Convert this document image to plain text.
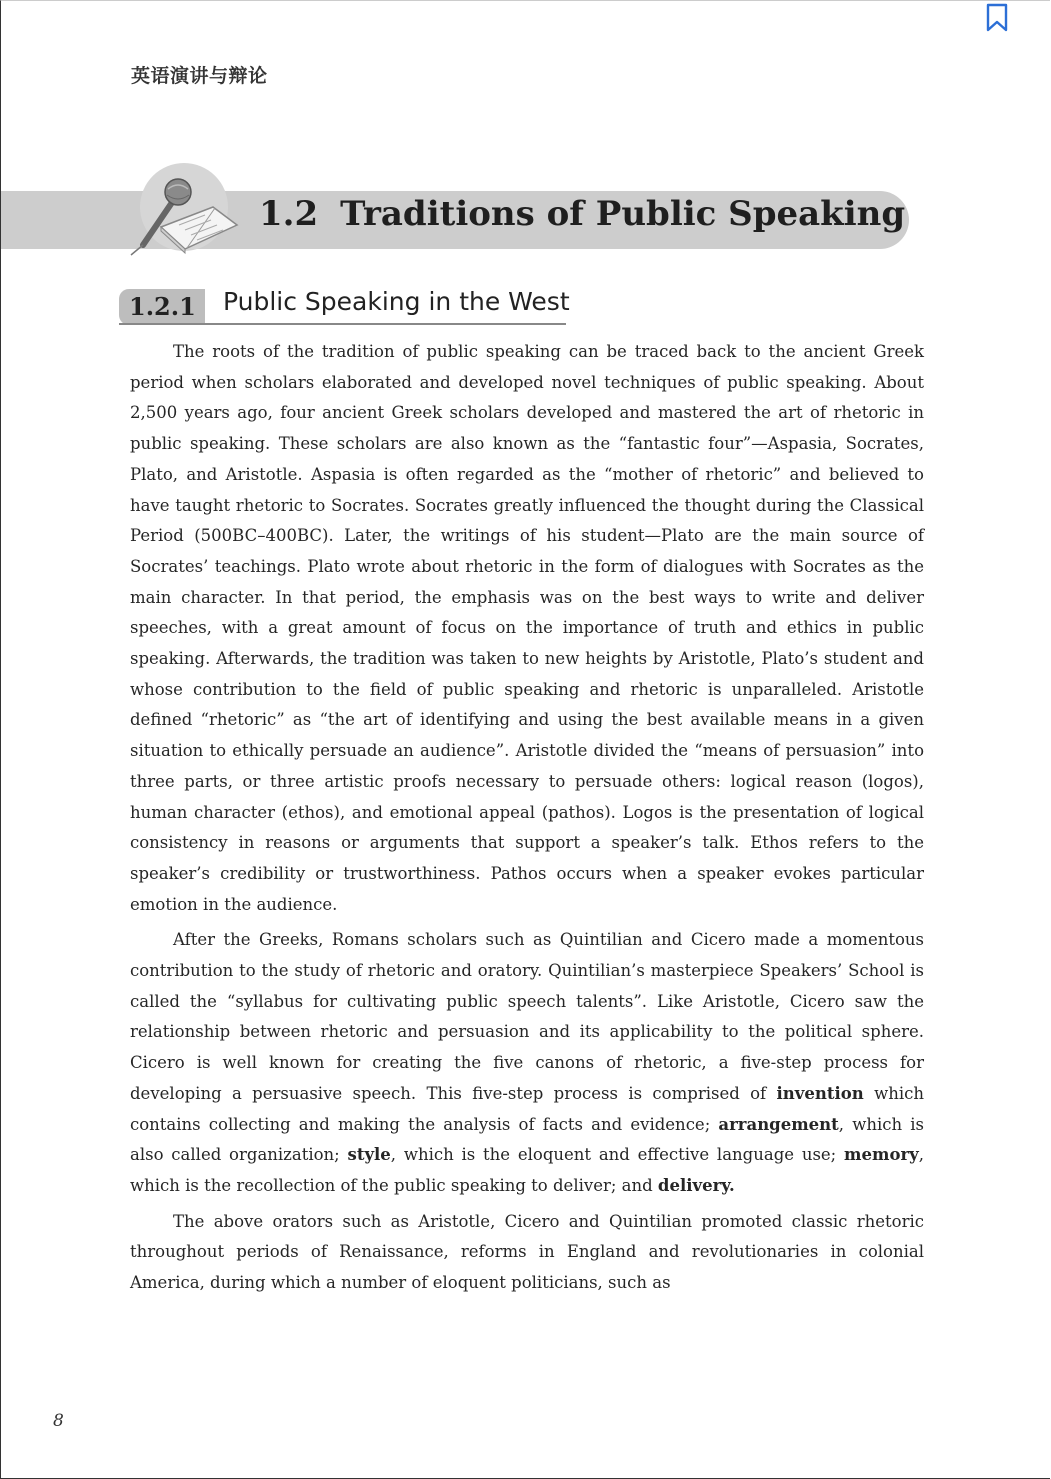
英语演讲与辩论
1.2 Traditions of Public Speaking
1.2.1 Public Speaking in the West

The roots of the tradition of public speaking can be traced back to the ancient Greek period when scholars elaborated and developed novel techniques of public speaking. About 2,500 years ago, four ancient Greek scholars developed and mastered the art of rhetoric in public speaking. These scholars are also known as the “fantastic four”—Aspasia, Socrates, Plato, and Aristotle. Aspasia is often regarded as the “mother of rhetoric” and believed to have taught rhetoric to Socrates. Socrates greatly influenced the thought during the Classical Period (500BC–400BC). Later, the writings of his student—Plato are the main source of Socrates’ teachings. Plato wrote about rhetoric in the form of dialogues with Socrates as the main character. In that period, the emphasis was on the best ways to write and deliver speeches, with a great amount of focus on the importance of truth and ethics in public speaking. Afterwards, the tradition was taken to new heights by Aristotle, Plato’s student and whose contribution to the field of public speaking and rhetoric is unparalleled. Aristotle defined “rhetoric” as “the art of identifying and using the best available means in a given situation to ethically persuade an audience”. Aristotle divided the “means of persuasion” into three parts, or three artistic proofs necessary to persuade others: logical reason (logos), human character (ethos), and emotional appeal (pathos). Logos is the presentation of logical consistency in reasons or arguments that support a speaker’s talk. Ethos refers to the speaker’s credibility or trustworthiness. Pathos occurs when a speaker evokes particular emotion in the audience.

After the Greeks, Romans scholars such as Quintilian and Cicero made a momentous contribution to the study of rhetoric and oratory. Quintilian’s masterpiece Speakers’ School is called the “syllabus for cultivating public speech talents”. Like Aristotle, Cicero saw the relationship between rhetoric and persuasion and its applicability to the political sphere. Cicero is well known for creating the five canons of rhetoric, a five-step process for developing a persuasive speech. This five-step process is comprised of invention which contains collecting and making the analysis of facts and evidence; arrangement, which is also called organization; style, which is the eloquent and effective language use; memory, which is the recollection of the public speaking to deliver; and delivery.

The above orators such as Aristotle, Cicero and Quintilian promoted classic rhetoric throughout periods of Renaissance, reforms in England and revolutionaries in colonial America, during which a number of eloquent politicians, such as

8
